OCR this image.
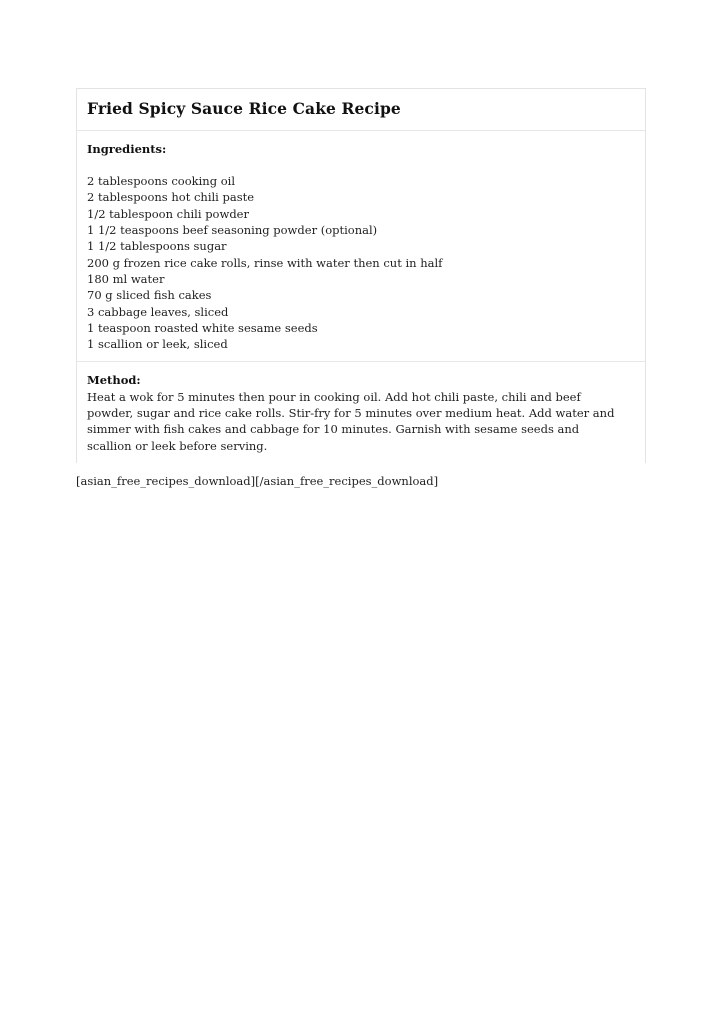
Fried Spicy Sauce Rice Cake Recipe
Ingredients:
2 tablespoons cooking oil
2 tablespoons hot chili paste
1/2 tablespoon chili powder
1 1/2 teaspoons beef seasoning powder (optional)
1 1/2 tablespoons sugar
200 g frozen rice cake rolls, rinse with water then cut in half
180 ml water
70 g sliced fish cakes
3 cabbage leaves, sliced
1 teaspoon roasted white sesame seeds
1 scallion or leek, sliced
Method:

Heat a wok for 5 minutes then pour in cooking oil. Add hot chili paste, chili and beef powder, sugar and rice cake rolls. Stir-fry for 5 minutes over medium heat. Add water and simmer with fish cakes and cabbage for 10 minutes. Garnish with sesame seeds and scallion or leek before serving.

[asian_free_recipes_download][/asian_free_recipes_download]
